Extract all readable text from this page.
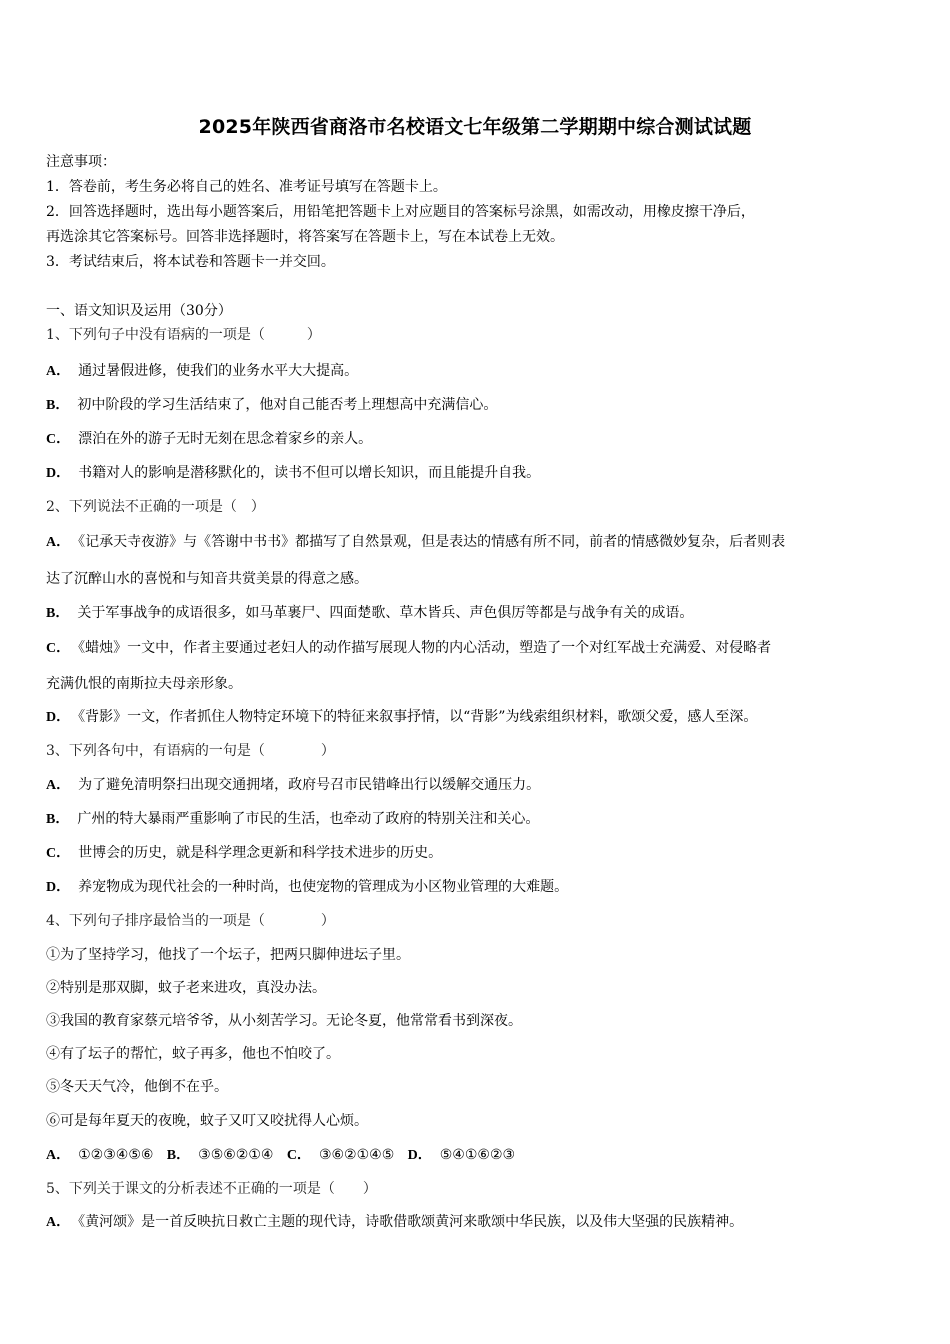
2025年陕西省商洛市名校语文七年级第二学期期中综合测试试题
注意事项：
1．答卷前，考生务必将自己的姓名、准考证号填写在答题卡上。
2．回答选择题时，选出每小题答案后，用铅笔把答题卡上对应题目的答案标号涂黑，如需改动，用橡皮擦干净后，
再选涂其它答案标号。回答非选择题时，将答案写在答题卡上，写在本试卷上无效。
3．考试结束后，将本试卷和答题卡一并交回。
一、语文知识及运用（30分）
1、下列句子中没有语病的一项是（　　　）
A． 通过暑假进修，使我们的业务水平大大提高。
B． 初中阶段的学习生活结束了，他对自己能否考上理想高中充满信心。
C． 漂泊在外的游子无时无刻在思念着家乡的亲人。
D． 书籍对人的影响是潜移默化的，读书不但可以增长知识，而且能提升自我。
2、下列说法不正确的一项是（　）
A． 《记承天寺夜游》与《答谢中书书》都描写了自然景观，但是表达的情感有所不同，前者的情感微妙复杂，后者则表
达了沉醉山水的喜悦和与知音共赏美景的得意之感。
B． 关于军事战争的成语很多，如马革裹尸、四面楚歌、草木皆兵、声色俱厉等都是与战争有关的成语。
C． 《蜡烛》一文中，作者主要通过老妇人的动作描写展现人物的内心活动，塑造了一个对红军战士充满爱、对侵略者
充满仇恨的南斯拉夫母亲形象。
D． 《背影》一文，作者抓住人物特定环境下的特征来叙事抒情，以“背影”为线索组织材料，歌颂父爱，感人至深。
3、下列各句中，有语病的一句是（　　　　）
A． 为了避免清明祭扫出现交通拥堵，政府号召市民错峰出行以缓解交通压力。
B． 广州的特大暴雨严重影响了市民的生活，也牵动了政府的特别关注和关心。
C． 世博会的历史，就是科学理念更新和科学技术进步的历史。
D． 养宠物成为现代社会的一种时尚，也使宠物的管理成为小区物业管理的大难题。
4、下列句子排序最恰当的一项是（　　　　）
①为了坚持学习，他找了一个坛子，把两只脚伸进坛子里。
②特别是那双脚，蚊子老来进攻，真没办法。
③我国的教育家蔡元培爷爷，从小刻苦学习。无论冬夏，他常常看书到深夜。
④有了坛子的帮忙，蚊子再多，他也不怕咬了。
⑤冬天天气冷，他倒不在乎。
⑥可是每年夏天的夜晚，蚊子又叮又咬扰得人心烦。
A． ①②③④⑤⑥ B． ③⑤⑥②①④ C． ③⑥②①④⑤ D． ⑤④①⑥②③
5、下列关于课文的分析表述不正确的一项是（　　）
A． 《黄河颂》是一首反映抗日救亡主题的现代诗，诗歌借歌颂黄河来歌颂中华民族，以及伟大坚强的民族精神。
